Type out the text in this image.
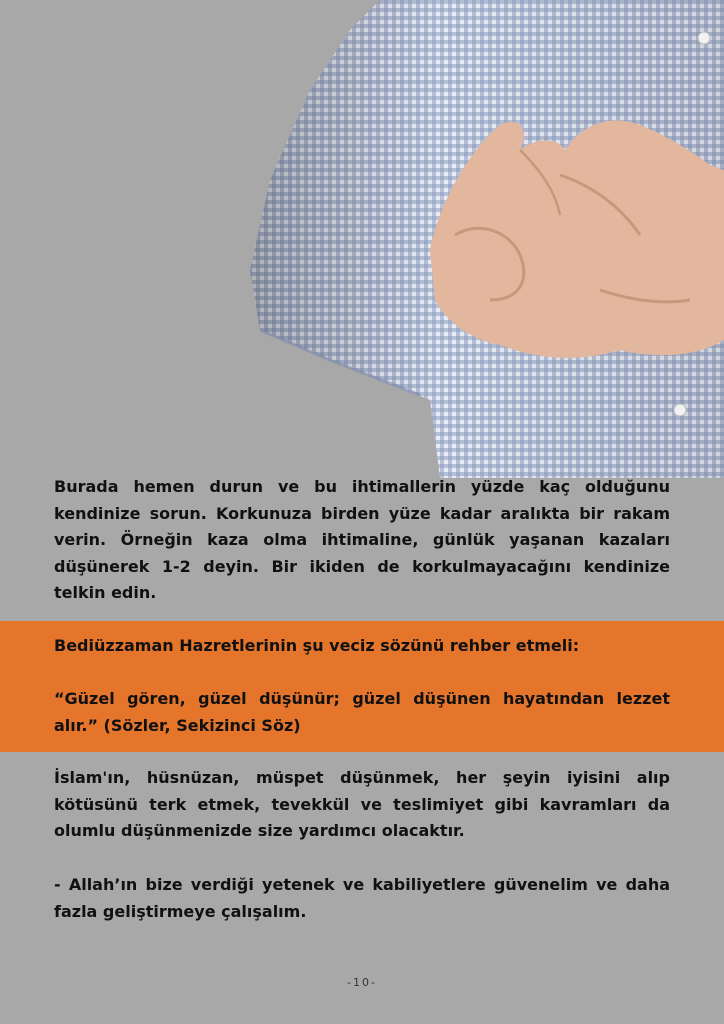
Burada hemen durun ve bu ihtimallerin yüzde kaç olduğunu kendinize sorun. Korkunuza birden yüze kadar aralıkta bir rakam verin. Örneğin kaza olma ihtimaline, günlük yaşanan kazaları düşünerek 1-2 deyin. Bir ikiden de korkulmayacağını kendinize telkin edin.
Bediüzzaman Hazretlerinin şu veciz sözünü rehber etmeli:
“Güzel gören, güzel düşünür; güzel düşünen hayatından lezzet alır.” (Sözler, Sekizinci Söz)
İslam'ın, hüsnüzan, müspet düşünmek, her şeyin iyisini alıp kötüsünü terk etmek, tevekkül ve teslimiyet gibi kavramları da olumlu düşünmenizde size yardımcı olacaktır.
- Allah’ın bize verdiği yetenek ve kabiliyetlere güvenelim ve daha fazla geliştirmeye çalışalım.
-10-
